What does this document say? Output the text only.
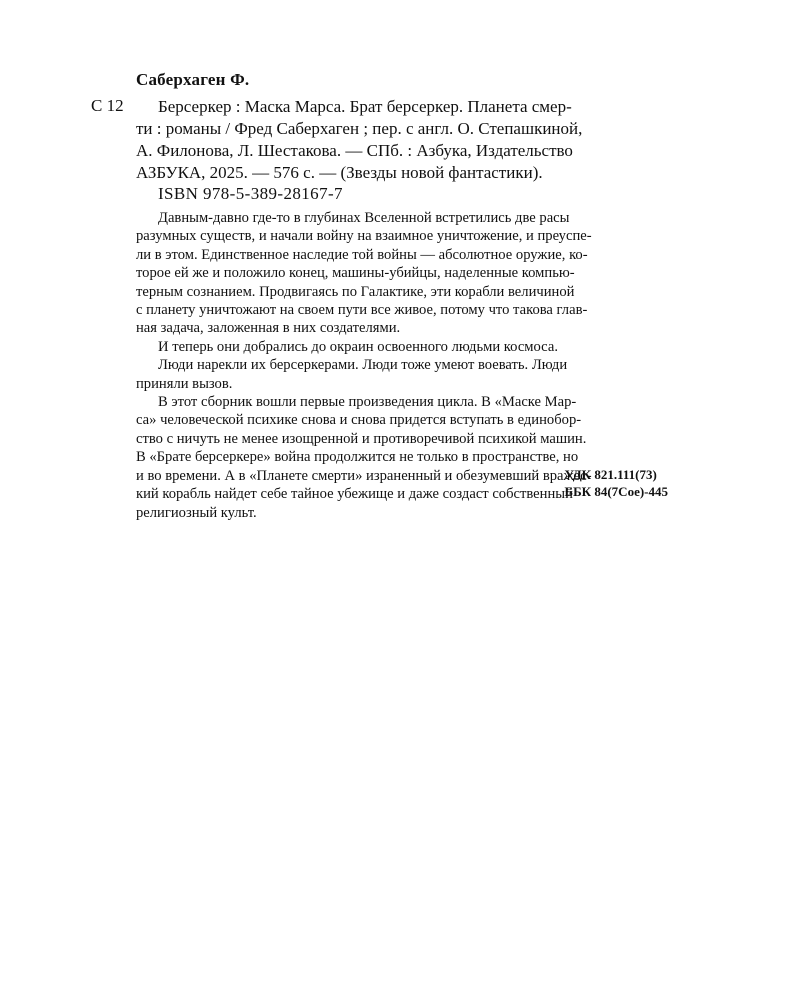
Саберхаген Ф.
С 12	Берсеркер : Маска Марса. Брат берсеркер. Планета смер-
ти : романы / Фред Саберхаген ; пер. с англ. О. Степашкиной,
А. Филонова, Л. Шестакова. — СПб. : Азбука, Издательство
АЗБУКА, 2025. — 576 с. — (Звезды новой фантастики).
ISBN 978-5-389-28167-7
Давным-давно где-то в глубинах Вселенной встретились две расы
разумных существ, и начали войну на взаимное уничтожение, и преуспе-
ли в этом. Единственное наследие той войны — абсолютное оружие, ко-
торое ей же и положило конец, машины-убийцы, наделенные компью-
терным сознанием. Продвигаясь по Галактике, эти корабли величиной
с планету уничтожают на своем пути все живое, потому что такова глав-
ная задача, заложенная в них создателями.
И теперь они добрались до окраин освоенного людьми космоса.
Люди нарекли их берсеркерами. Люди тоже умеют воевать. Люди
приняли вызов.
В этот сборник вошли первые произведения цикла. В «Маске Мар-
са» человеческой психике снова и снова придется вступать в единобор-
ство с ничуть не менее изощренной и противоречивой психикой машин.
В «Брате берсеркере» война продолжится не только в пространстве, но
и во времени. А в «Планете смерти» израненный и обезумевший вражес-
кий корабль найдет себе тайное убежище и даже создаст собственный
религиозный культ.
УДК 821.111(73)
ББК 84(7Сое)-445
